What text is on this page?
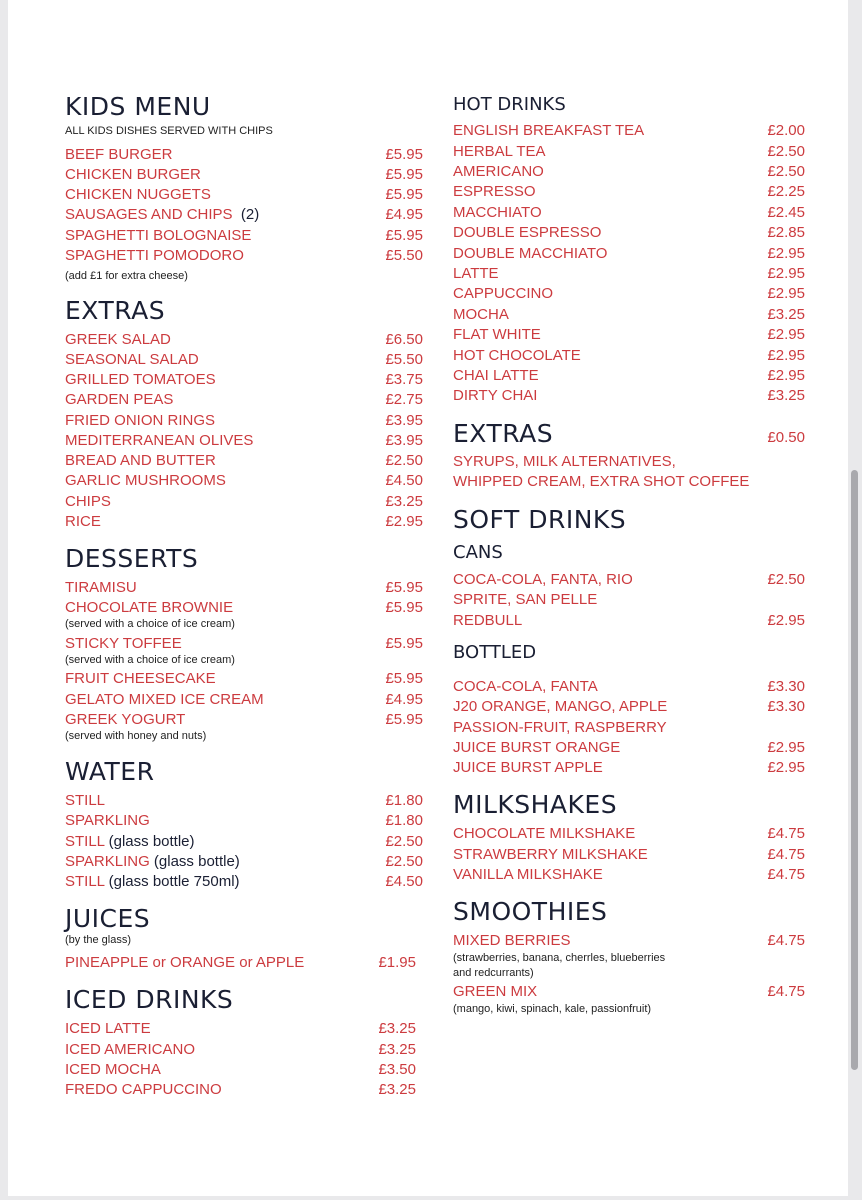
KIDS MENU
ALL KIDS DISHES SERVED WITH CHIPS
BEEF BURGER	£5.95
CHICKEN BURGER	£5.95
CHICKEN NUGGETS	£5.95
SAUSAGES AND CHIPS (2)	£4.95
SPAGHETTI BOLOGNAISE	£5.95
SPAGHETTI POMODORO	£5.50
(add £1 for extra cheese)
EXTRAS
GREEK SALAD	£6.50
SEASONAL SALAD	£5.50
GRILLED TOMATOES	£3.75
GARDEN PEAS	£2.75
FRIED ONION RINGS	£3.95
MEDITERRANEAN OLIVES	£3.95
BREAD AND BUTTER	£2.50
GARLIC MUSHROOMS	£4.50
CHIPS	£3.25
RICE	£2.95
DESSERTS
TIRAMISU	£5.95
CHOCOLATE BROWNIE	£5.95
(served with a choice of ice cream)
STICKY TOFFEE	£5.95
(served with a choice of ice cream)
FRUIT CHEESECAKE	£5.95
GELATO MIXED ICE CREAM	£4.95
GREEK YOGURT	£5.95
(served with honey and nuts)
WATER
STILL	£1.80
SPARKLING	£1.80
STILL (glass bottle)	£2.50
SPARKLING (glass bottle)	£2.50
STILL (glass bottle 750ml)	£4.50
JUICES
(by the glass)
PINEAPPLE or ORANGE or APPLE	£1.95
ICED DRINKS
ICED LATTE	£3.25
ICED AMERICANO	£3.25
ICED MOCHA	£3.50
FREDO CAPPUCCINO	£3.25
HOT DRINKS
ENGLISH BREAKFAST TEA	£2.00
HERBAL TEA	£2.50
AMERICANO	£2.50
ESPRESSO	£2.25
MACCHIATO	£2.45
DOUBLE ESPRESSO	£2.85
DOUBLE MACCHIATO	£2.95
LATTE	£2.95
CAPPUCCINO	£2.95
MOCHA	£3.25
FLAT WHITE	£2.95
HOT CHOCOLATE	£2.95
CHAI LATTE	£2.95
DIRTY CHAI	£3.25
EXTRAS	£0.50
SYRUPS, MILK ALTERNATIVES,
WHIPPED CREAM, EXTRA SHOT COFFEE
SOFT DRINKS
CANS
COCA-COLA, FANTA, RIO	£2.50
SPRITE, SAN PELLE
REDBULL	£2.95
BOTTLED
COCA-COLA, FANTA	£3.30
J20 ORANGE, MANGO, APPLE	£3.30
PASSION-FRUIT, RASPBERRY
JUICE BURST ORANGE	£2.95
JUICE BURST APPLE	£2.95
MILKSHAKES
CHOCOLATE MILKSHAKE	£4.75
STRAWBERRY MILKSHAKE	£4.75
VANILLA MILKSHAKE	£4.75
SMOOTHIES
MIXED BERRIES	£4.75
(strawberries, banana, cherrles, blueberries
and redcurrants)
GREEN MIX	£4.75
(mango, kiwi, spinach, kale, passionfruit)
